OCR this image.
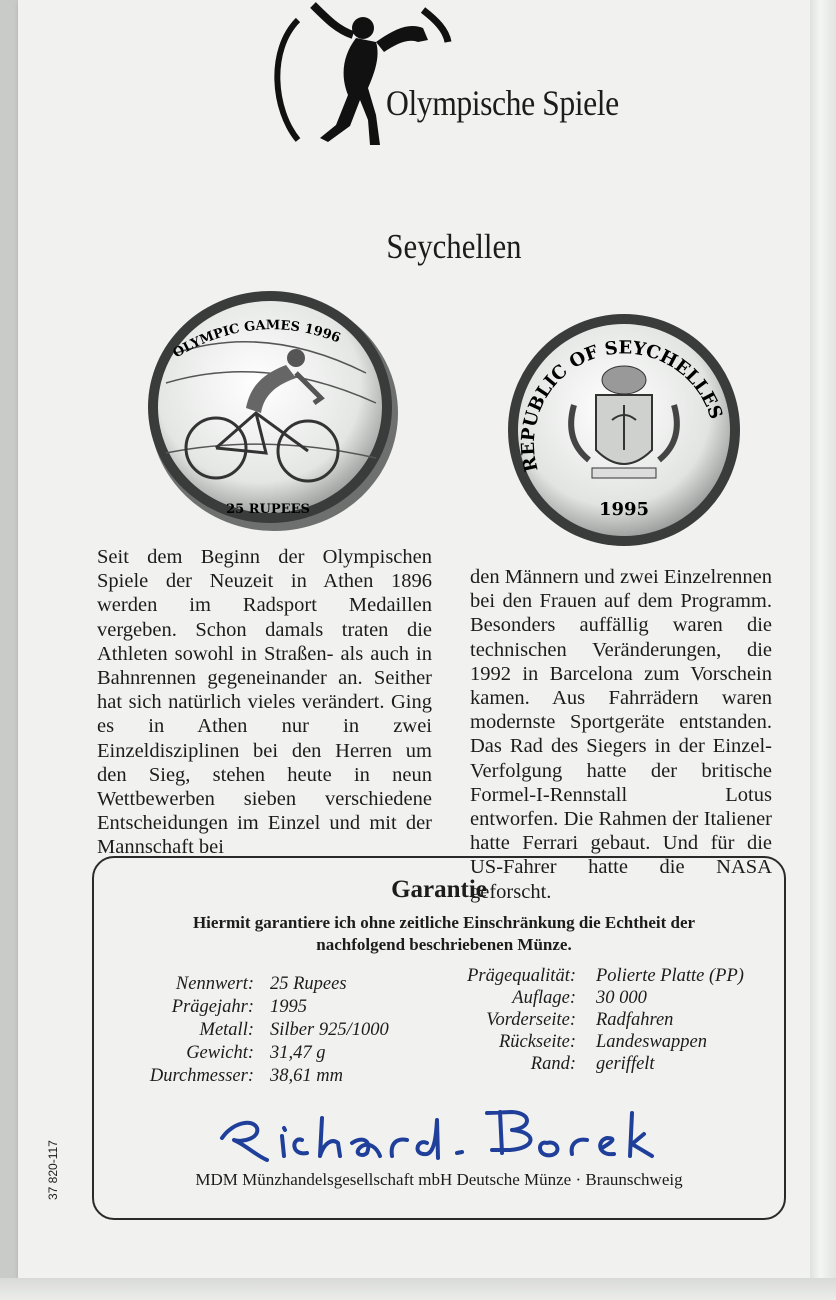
Olympische Spiele
Seychellen
25 RUPEES
OLYMPIC GAMES 1996
REPUBLIC OF SEYCHELLES
1995

Seit dem Beginn der Olympischen Spiele der Neuzeit in Athen 1896 werden im Radsport Medaillen vergeben. Schon damals traten die Athleten sowohl in Straßen- als auch in Bahnrennen gegeneinander an. Seither hat sich natürlich vieles verändert. Ging es in Athen nur in zwei Einzeldisziplinen bei den Herren um den Sieg, stehen heute in neun Wettbewerben sieben verschiedene Entscheidungen im Einzel und mit der Mannschaft bei

den Männern und zwei Einzelrennen bei den Frauen auf dem Programm. Besonders auffällig waren die technischen Veränderungen, die 1992 in Barcelona zum Vorschein kamen. Aus Fahrrädern waren modernste Sportgeräte entstanden. Das Rad des Siegers in der Einzel-Verfolgung hatte der britische Formel-I-Rennstall Lotus entworfen. Die Rahmen der Italiener hatte Ferrari gebaut. Und für die US-Fahrer hatte die NASA geforscht.

Garantie
Hiermit garantiere ich ohne zeitliche Einschränkung die Echtheit der nachfolgend beschriebenen Münze.
Nennwert: 25 Rupees
Prägejahr: 1995
Metall: Silber 925/1000
Gewicht: 31,47 g
Durchmesser: 38,61 mm
Prägequalität: Polierte Platte (PP)
Auflage: 30 000
Vorderseite: Radfahren
Rückseite: Landeswappen
Rand: geriffelt
MDM Münzhandelsgesellschaft mbH Deutsche Münze · Braunschweig
37 820-117
